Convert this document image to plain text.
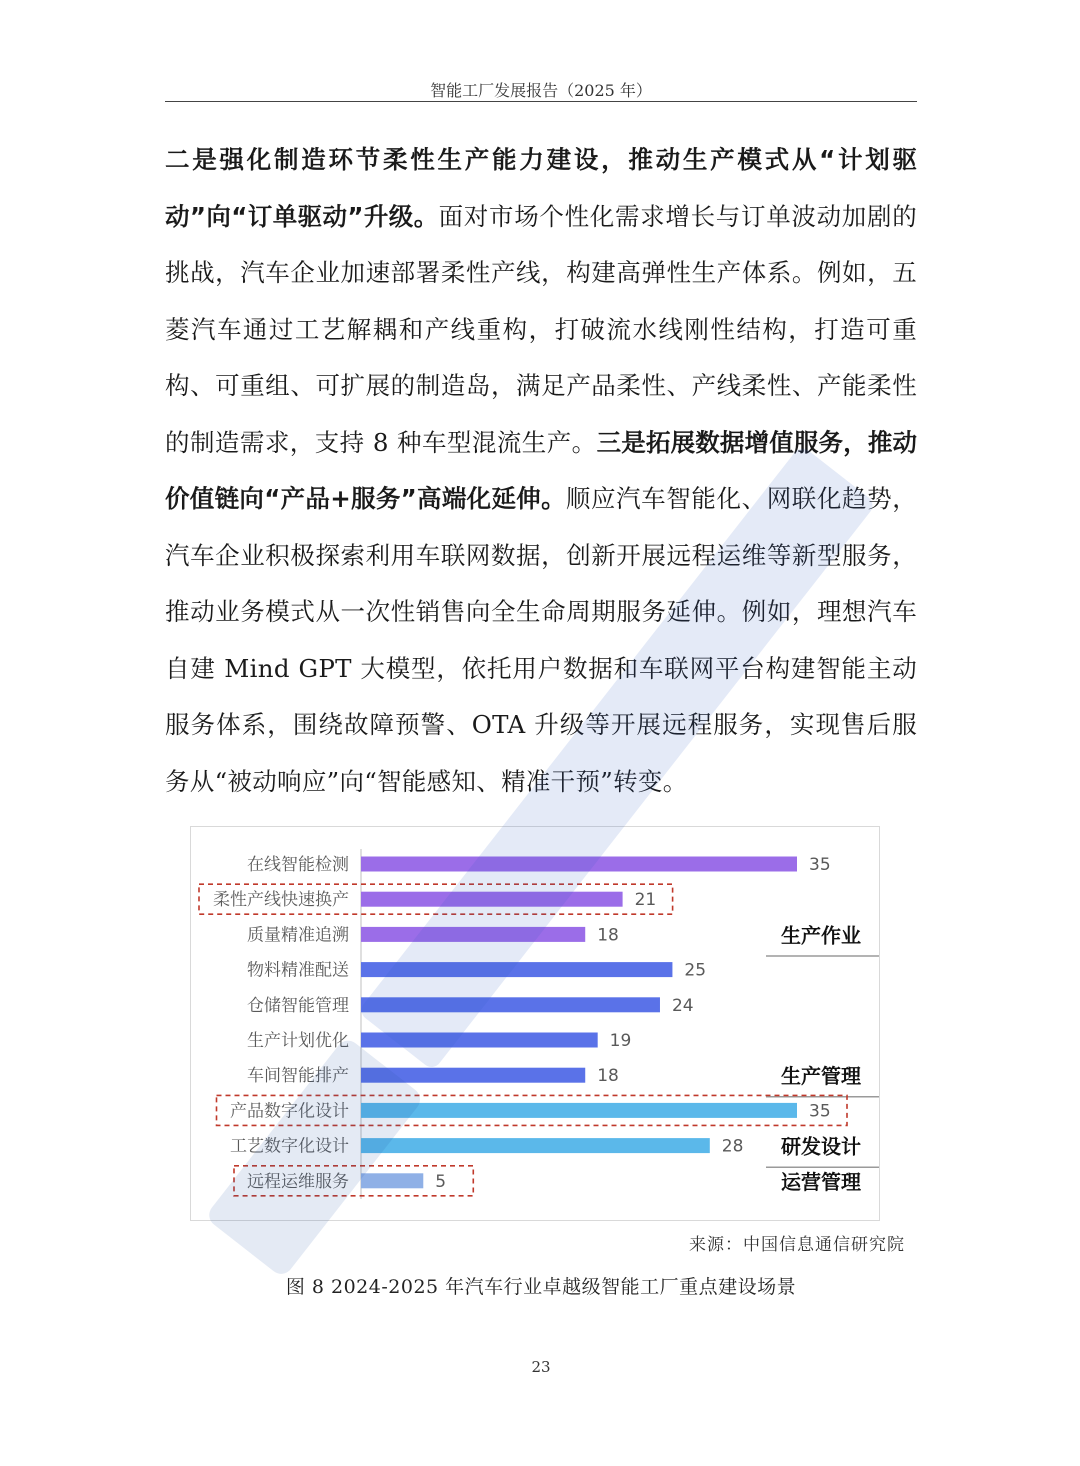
智能工厂发展报告（2025 年）
二是强化制造环节柔性生产能力建设，推动生产模式从“计划驱动”向“订单驱动”升级。面对市场个性化需求增长与订单波动加剧的挑战，汽车企业加速部署柔性产线，构建高弹性生产体系。例如，五菱汽车通过工艺解耦和产线重构，打破流水线刚性结构，打造可重构、可重组、可扩展的制造岛，满足产品柔性、产线柔性、产能柔性的制造需求，支持 8 种车型混流生产。三是拓展数据增值服务，推动价值链向“产品+服务”高端化延伸。顺应汽车智能化、网联化趋势，汽车企业积极探索利用车联网数据，创新开展远程运维等新型服务，推动业务模式从一次性销售向全生命周期服务延伸。例如，理想汽车自建 Mind GPT 大模型，依托用户数据和车联网平台构建智能主动服务体系，围绕故障预警、OTA 升级等开展远程服务，实现售后服务从“被动响应”向“智能感知、精准干预”转变。
生产作业
生产管理
研发设计
运营管理
在线智能检测	35
柔性产线快速换产	21
质量精准追溯	18
物料精准配送	25
仓储智能管理	24
生产计划优化	19
车间智能排产	18
产品数字化设计	35
工艺数字化设计	28
远程运维服务	5
来源：中国信息通信研究院
图 8 2024-2025 年汽车行业卓越级智能工厂重点建设场景
23
